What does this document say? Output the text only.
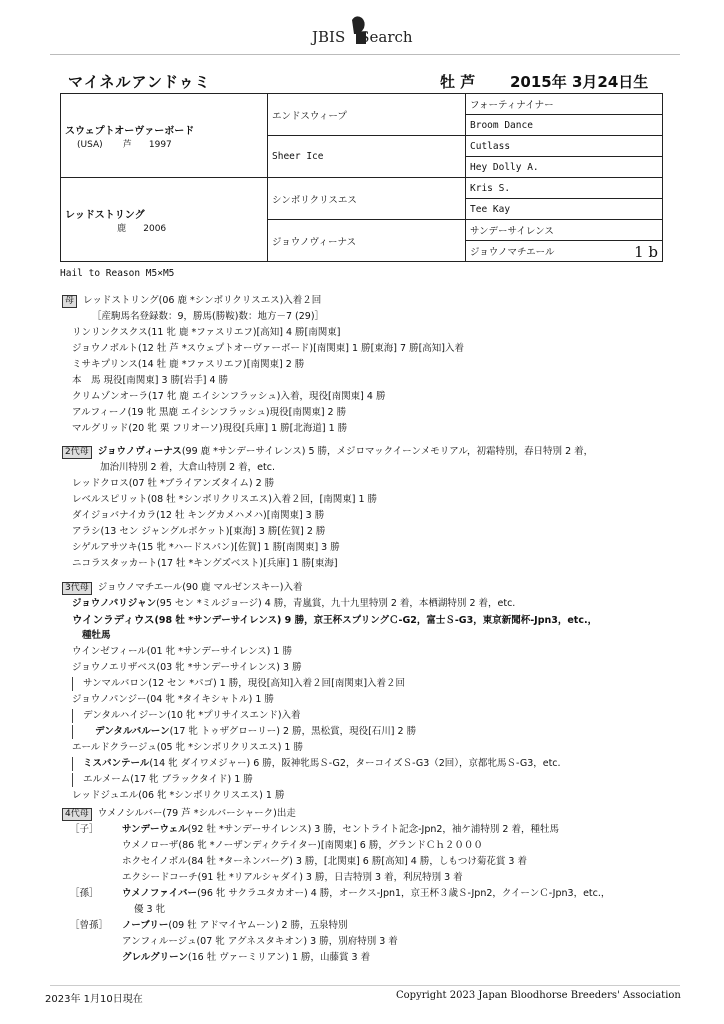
JBIS Search
マイネルアンドゥミ	牡 芦 2015年 3月24日生
スウェプトオーヴァーボード
(USA) 芦 1997	エンドスウィープ	フォーティナイナー
		Broom Dance
	Sheer Ice	Cutlass
		Hey Dolly A.

レッドストリング
鹿 2006	シンボリクリスエス	Kris S.
		Tee Kay
	ジョウノヴィーナス	サンデーサイレンス
		ジョウノマチエール 1 b
Hail to Reason M5×M5
母 レッドストリング(06 鹿 *シンボリクリスエス)入着２回
［産駒馬名登録数：9，勝馬(勝鞍)数：地方－7 (29)］
リンリンクスクス(11 牝 鹿 *ファスリエフ)[高知] 4 勝[南関東]
ジョウノボルト(12 牡 芦 *スウェプトオーヴァーボード)[南関東] 1 勝[東海] 7 勝[高知]入着
ミサキプリンス(14 牡 鹿 *ファスリエフ)[南関東] 2 勝
本　馬 現役[南関東] 3 勝[岩手] 4 勝
クリムゾンオーラ(17 牝 鹿 エイシンフラッシュ)入着，現役[南関東] 4 勝
アルフィーノ(19 牝 黒鹿 エイシンフラッシュ)現役[南関東] 2 勝
マルグリッド(20 牝 栗 フリオーソ)現役[兵庫] 1 勝[北海道] 1 勝
2代母 ジョウノヴィーナス(99 鹿 *サンデーサイレンス) 5 勝，メジロマックイーンメモリアル，初霜特別，春日特別 2 着，
加治川特別 2 着，大倉山特別 2 着，etc.
レッドクロス(07 牡 *ブライアンズタイム) 2 勝
レベルスピリット(08 牡 *シンボリクリスエス)入着２回，[南関東] 1 勝
ダイジョバナイカラ(12 牡 キングカメハメハ)[南関東] 3 勝
アラシ(13 セン ジャングルポケット)[東海] 3 勝[佐賀] 2 勝
シゲルアサツキ(15 牝 *ハードスパン)[佐賀] 1 勝[南関東] 3 勝
ニコラスタッカート(17 牡 *キングズベスト)[兵庫] 1 勝[東海]
3代母 ジョウノマチエール(90 鹿 マルゼンスキー)入着
ジョウノパリジャン(95 セン *ミルジョージ) 4 勝，青嵐賞，九十九里特別 2 着，本栖湖特別 2 着，etc.
ウインラディウス(98 牡 *サンデーサイレンス) 9 勝，京王杯スプリングＣ-G2，富士Ｓ-G3，東京新聞杯-Jpn3，etc.，
種牡馬
ウインゼフィール(01 牝 *サンデーサイレンス) 1 勝
ジョウノエリザベス(03 牝 *サンデーサイレンス) 3 勝
サンマルバロン(12 セン *パゴ) 1 勝，現役[高知]入着２回[南関東]入着２回
ジョウノパンジー(04 牝 *タイキシャトル) 1 勝
デンタルハイジーン(10 牝 *プリサイスエンド)入着
デンタルバルーン(17 牝 トゥザグローリー) 2 勝，黒松賞，現役[石川] 2 勝
エールドクラージュ(05 牝 *シンボリクリスエス) 1 勝
ミスパンテール(14 牝 ダイワメジャー) 6 勝，阪神牝馬Ｓ-G2，ターコイズＳ-G3（2回），京都牝馬Ｓ-G3，etc.
エルメーム(17 牝 ブラックタイド) 1 勝
レッドジュエル(06 牝 *シンボリクリスエス) 1 勝
4代母 ウメノシルバー(79 芦 *シルバーシャーク)出走
［子］ サンデーウェル(92 牡 *サンデーサイレンス) 3 勝，セントライト記念-Jpn2，袖ケ浦特別 2 着，種牡馬
ウメノローザ(86 牝 *ノーザンディクテイター)[南関東] 6 勝，グランドＣｈ２０００
ホクセイノボル(84 牡 *ターネンバーグ) 3 勝，[北関東] 6 勝[高知] 4 勝，しもつけ菊花賞 3 着
エクシードコーチ(91 牡 *リアルシャダイ) 3 勝，日吉特別 3 着，利尻特別 3 着
［孫］ ウメノファイバー(96 牝 サクラユタカオー) 4 勝，オークス-Jpn1，京王杯３歳Ｓ-Jpn2，クイーンＣ-Jpn3，etc.，
優 3 牝
［曾孫］ ノーブリー(09 牡 アドマイヤムーン) 2 勝，五泉特別
アンフィルージュ(07 牝 アグネスタキオン) 3 勝，別府特別 3 着
グレルグリーン(16 牡 ヴァーミリアン) 1 勝，山藤賞 3 着
2023年 1月10日現在	Copyright 2023 Japan Bloodhorse Breeders' Association
